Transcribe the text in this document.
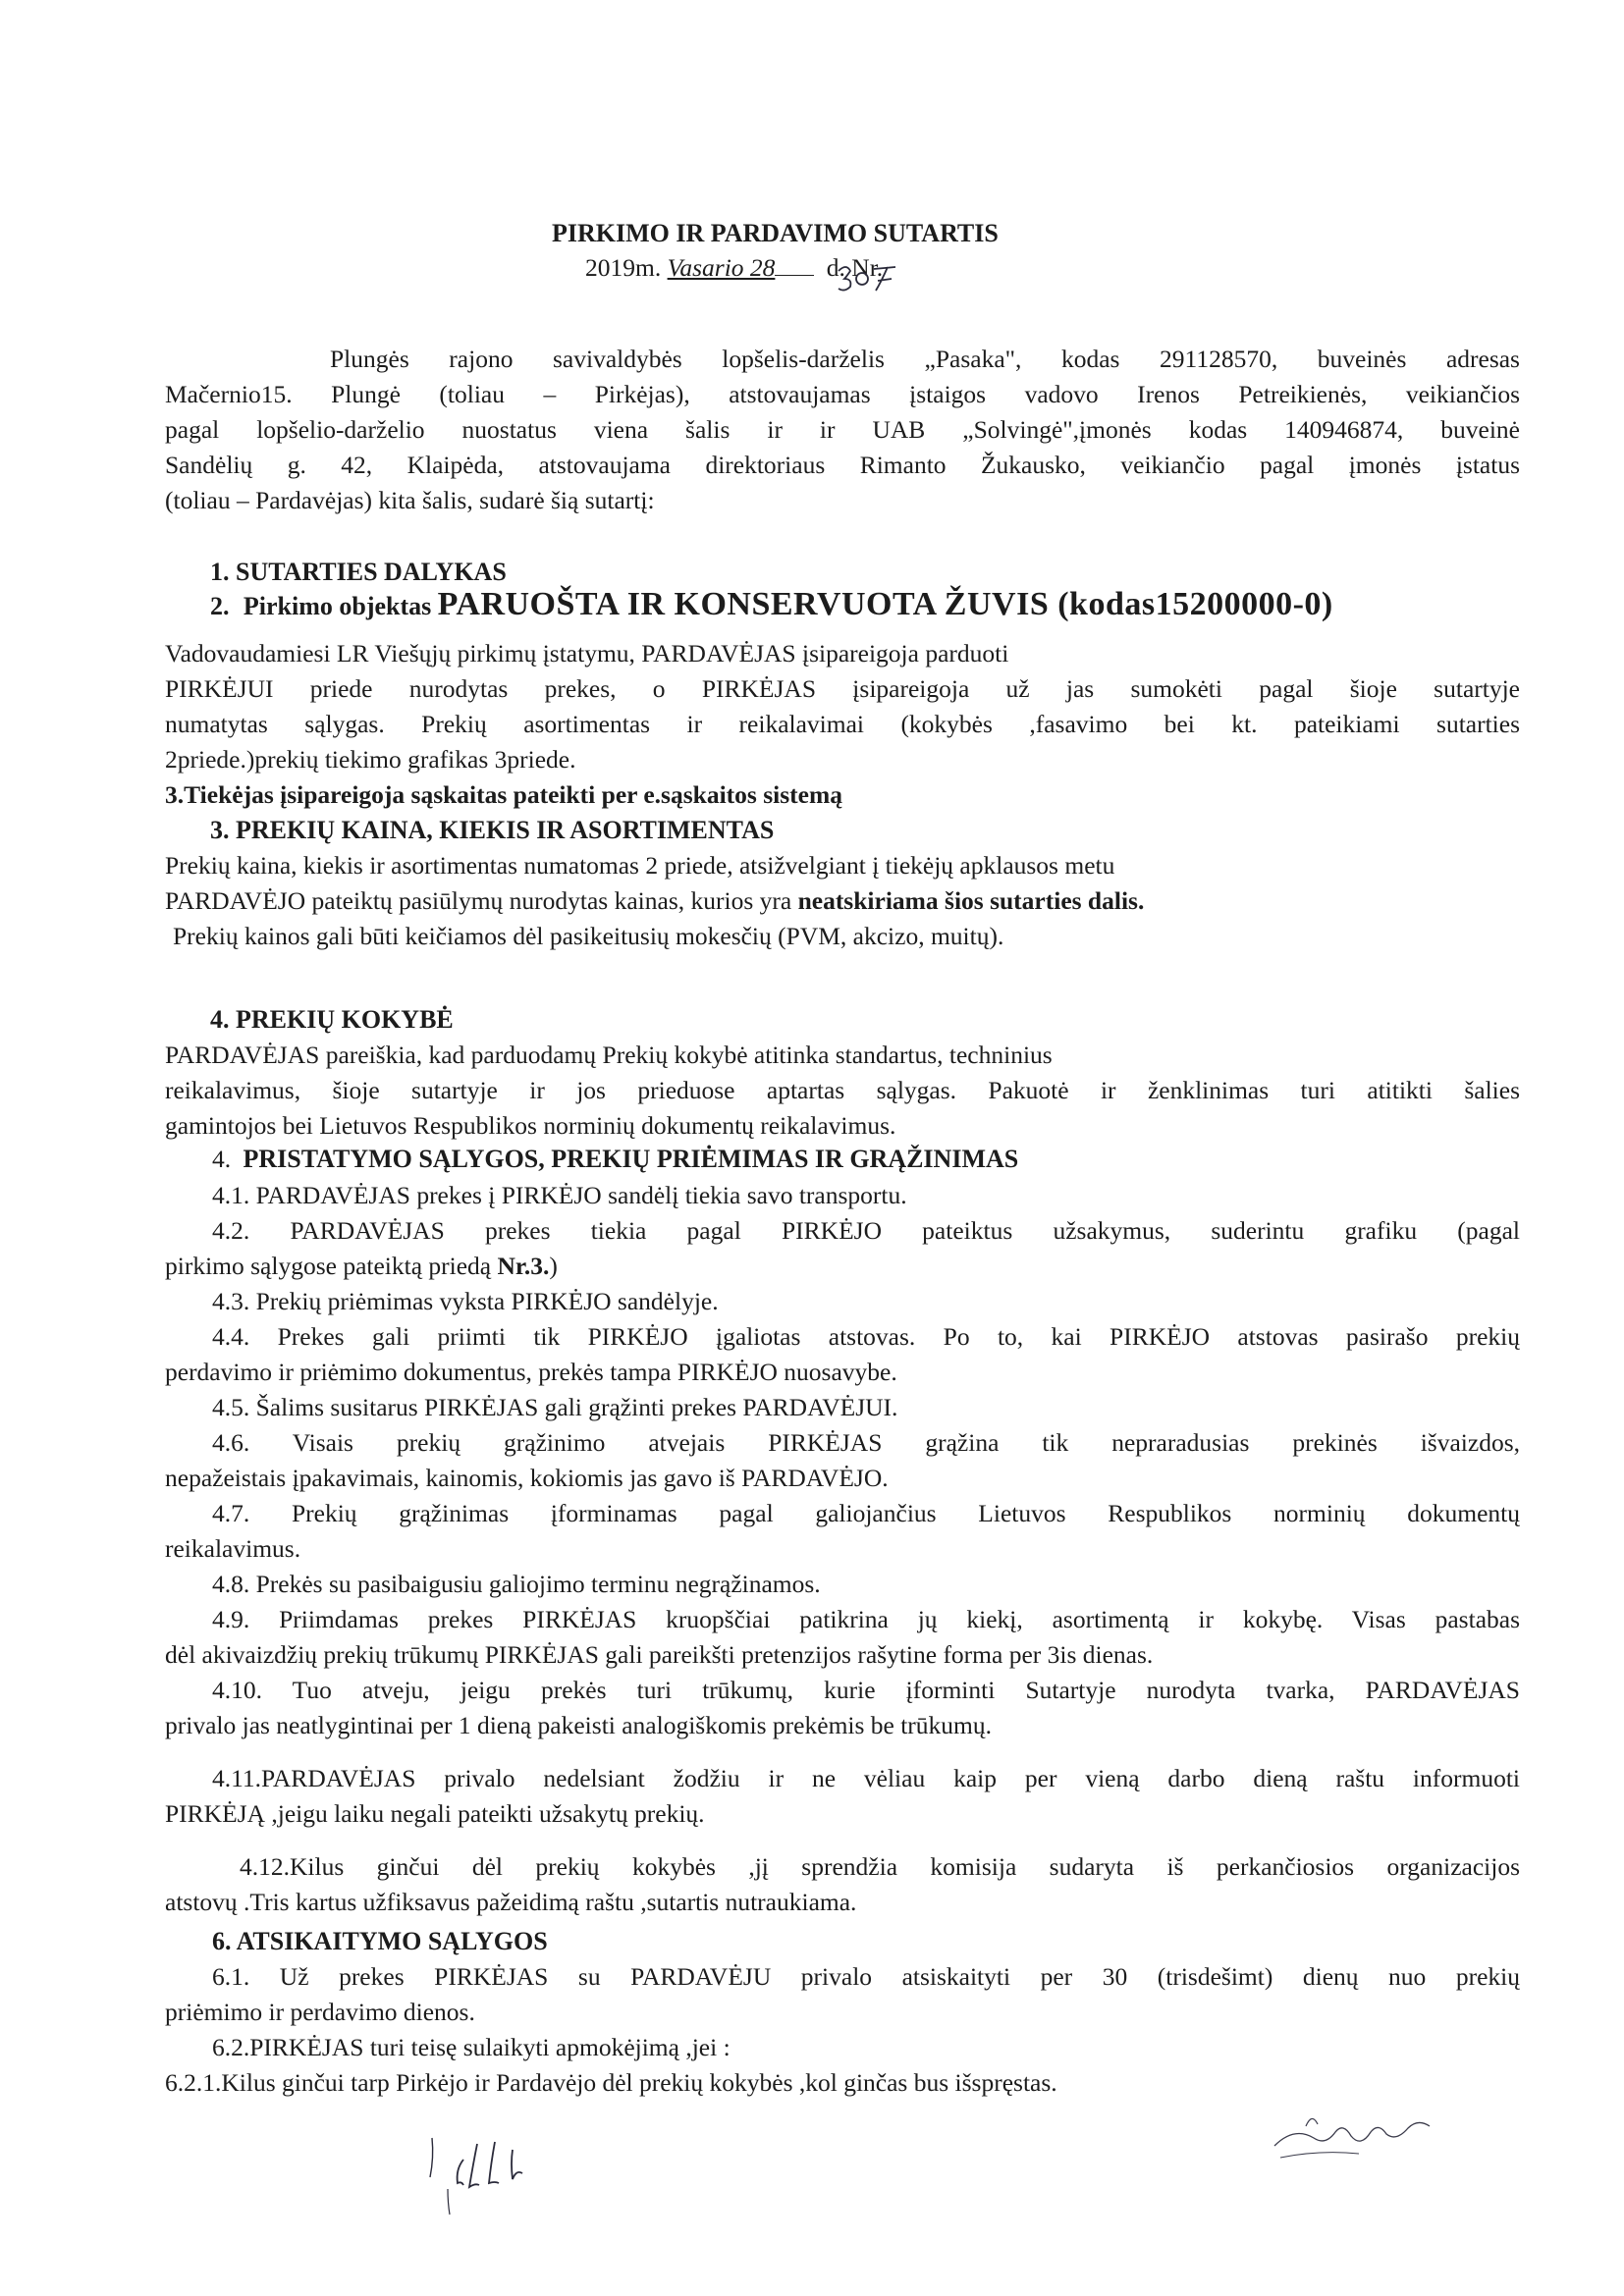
PIRKIMO IR PARDAVIMO SUTARTIS
2019m. Vasario 28 d. Nr.
Plungės rajono savivaldybės lopšelis-darželis „Pasaka", kodas 291128570, buveinės adresas
Mačernio15. Plungė (toliau – Pirkėjas), atstovaujamas įstaigos vadovo Irenos Petreikienės, veikiančios
pagal lopšelio-darželio nuostatus viena šalis ir ir UAB „Solvingė",įmonės kodas 140946874, buveinė
Sandėlių g. 42, Klaipėda, atstovaujama direktoriaus Rimanto Žukausko, veikiančio pagal įmonės įstatus
(toliau – Pardavėjas) kita šalis, sudarė šią sutartį:
1. SUTARTIES DALYKAS
2. Pirkimo objektas PARUOŠTA IR KONSERVUOTA ŽUVIS (kodas15200000-0)
Vadovaudamiesi LR Viešųjų pirkimų įstatymu, PARDAVĖJAS įsipareigoja parduoti
PIRKĖJUI priede nurodytas prekes, o PIRKĖJAS įsipareigoja už jas sumokėti pagal šioje sutartyje
numatytas sąlygas. Prekių asortimentas ir reikalavimai (kokybės ,fasavimo bei kt. pateikiami sutarties
2priede.)prekių tiekimo grafikas 3priede.
3.Tiekėjas įsipareigoja sąskaitas pateikti per e.sąskaitos sistemą
3. PREKIŲ KAINA, KIEKIS IR ASORTIMENTAS
Prekių kaina, kiekis ir asortimentas numatomas 2 priede, atsižvelgiant į tiekėjų apklausos metu
PARDAVĖJO pateiktų pasiūlymų nurodytas kainas, kurios yra neatskiriama šios sutarties dalis.
Prekių kainos gali būti keičiamos dėl pasikeitusių mokesčių (PVM, akcizo, muitų).
4. PREKIŲ KOKYBĖ
PARDAVĖJAS pareiškia, kad parduodamų Prekių kokybė atitinka standartus, techninius
reikalavimus, šioje sutartyje ir jos prieduose aptartas sąlygas. Pakuotė ir ženklinimas turi atitikti šalies
gamintojos bei Lietuvos Respublikos norminių dokumentų reikalavimus.
4. PRISTATYMO SĄLYGOS, PREKIŲ PRIĖMIMAS IR GRĄŽINIMAS
4.1. PARDAVĖJAS prekes į PIRKĖJO sandėlį tiekia savo transportu.
4.2. PARDAVĖJAS prekes tiekia pagal PIRKĖJO pateiktus užsakymus, suderintu grafiku (pagal
pirkimo sąlygose pateiktą priedą Nr.3.)
4.3. Prekių priėmimas vyksta PIRKĖJO sandėlyje.
4.4. Prekes gali priimti tik PIRKĖJO įgaliotas atstovas. Po to, kai PIRKĖJO atstovas pasirašo prekių
perdavimo ir priėmimo dokumentus, prekės tampa PIRKĖJO nuosavybe.
4.5. Šalims susitarus PIRKĖJAS gali grąžinti prekes PARDAVĖJUI.
4.6. Visais prekių grąžinimo atvejais PIRKĖJAS grąžina tik nepraradusias prekinės išvaizdos,
nepažeistais įpakavimais, kainomis, kokiomis jas gavo iš PARDAVĖJO.
4.7. Prekių grąžinimas įforminamas pagal galiojančius Lietuvos Respublikos norminių dokumentų
reikalavimus.
4.8. Prekės su pasibaigusiu galiojimo terminu negrąžinamos.
4.9. Priimdamas prekes PIRKĖJAS kruopščiai patikrina jų kiekį, asortimentą ir kokybę. Visas pastabas
dėl akivaizdžių prekių trūkumų PIRKĖJAS gali pareikšti pretenzijos rašytine forma per 3is dienas.
4.10. Tuo atveju, jeigu prekės turi trūkumų, kurie įforminti Sutartyje nurodyta tvarka, PARDAVĖJAS
privalo jas neatlygintinai per 1 dieną pakeisti analogiškomis prekėmis be trūkumų.
4.11.PARDAVĖJAS privalo nedelsiant žodžiu ir ne vėliau kaip per vieną darbo dieną raštu informuoti
PIRKĖJĄ ,jeigu laiku negali pateikti užsakytų prekių.
4.12.Kilus ginčui dėl prekių kokybės ,jį sprendžia komisija sudaryta iš perkančiosios organizacijos
atstovų .Tris kartus užfiksavus pažeidimą raštu ,sutartis nutraukiama.
6. ATSIKAITYMO SĄLYGOS
6.1. Už prekes PIRKĖJAS su PARDAVĖJU privalo atsiskaityti per 30 (trisdešimt) dienų nuo prekių
priėmimo ir perdavimo dienos.
6.2.PIRKĖJAS turi teisę sulaikyti apmokėjimą ,jei :
6.2.1.Kilus ginčui tarp Pirkėjo ir Pardavėjo dėl prekių kokybės ,kol ginčas bus išspręstas.
